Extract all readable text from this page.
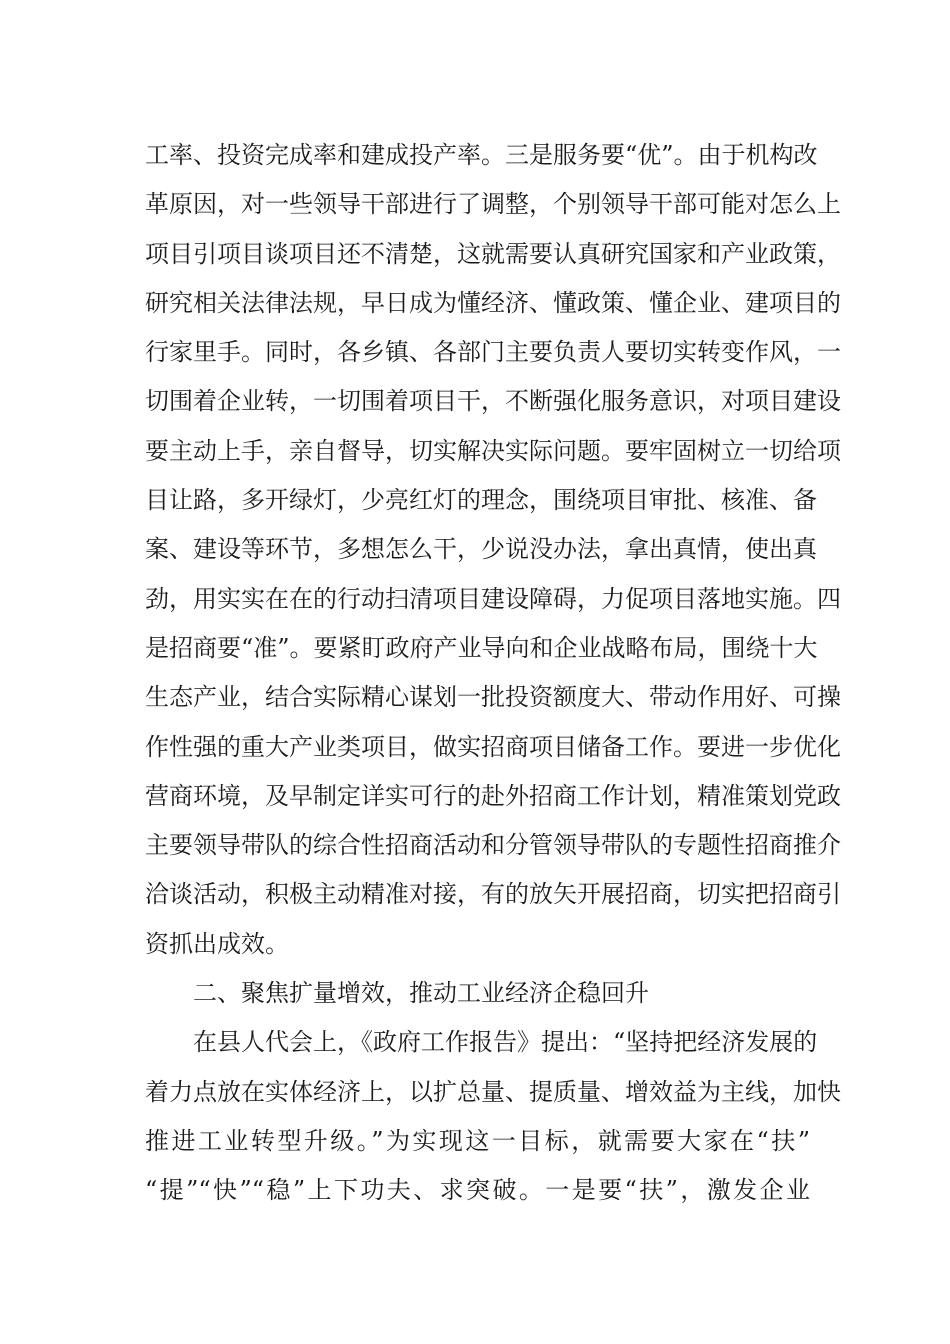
工率、投资完成率和建成投产率。三是服务要“优”。由于机构改
革原因，对一些领导干部进行了调整，个别领导干部可能对怎么上
项目引项目谈项目还不清楚，这就需要认真研究国家和产业政策，
研究相关法律法规，早日成为懂经济、懂政策、懂企业、建项目的
行家里手。同时，各乡镇、各部门主要负责人要切实转变作风，一
切围着企业转，一切围着项目干，不断强化服务意识，对项目建设
要主动上手，亲自督导，切实解决实际问题。要牢固树立一切给项
目让路，多开绿灯，少亮红灯的理念，围绕项目审批、核准、备
案、建设等环节，多想怎么干，少说没办法，拿出真情，使出真
劲，用实实在在的行动扫清项目建设障碍，力促项目落地实施。四
是招商要“准”。要紧盯政府产业导向和企业战略布局，围绕十大
生态产业，结合实际精心谋划一批投资额度大、带动作用好、可操
作性强的重大产业类项目，做实招商项目储备工作。要进一步优化
营商环境，及早制定详实可行的赴外招商工作计划，精准策划党政
主要领导带队的综合性招商活动和分管领导带队的专题性招商推介
洽谈活动，积极主动精准对接，有的放矢开展招商，切实把招商引
资抓出成效。
二、聚焦扩量增效，推动工业经济企稳回升
在县人代会上，《政府工作报告》提出：“坚持把经济发展的
着力点放在实体经济上，以扩总量、提质量、增效益为主线，加快
推进工业转型升级。”为实现这一目标，就需要大家在“扶”
“提”“快”“稳”上下功夫、求突破。一是要“扶”，激发企业
